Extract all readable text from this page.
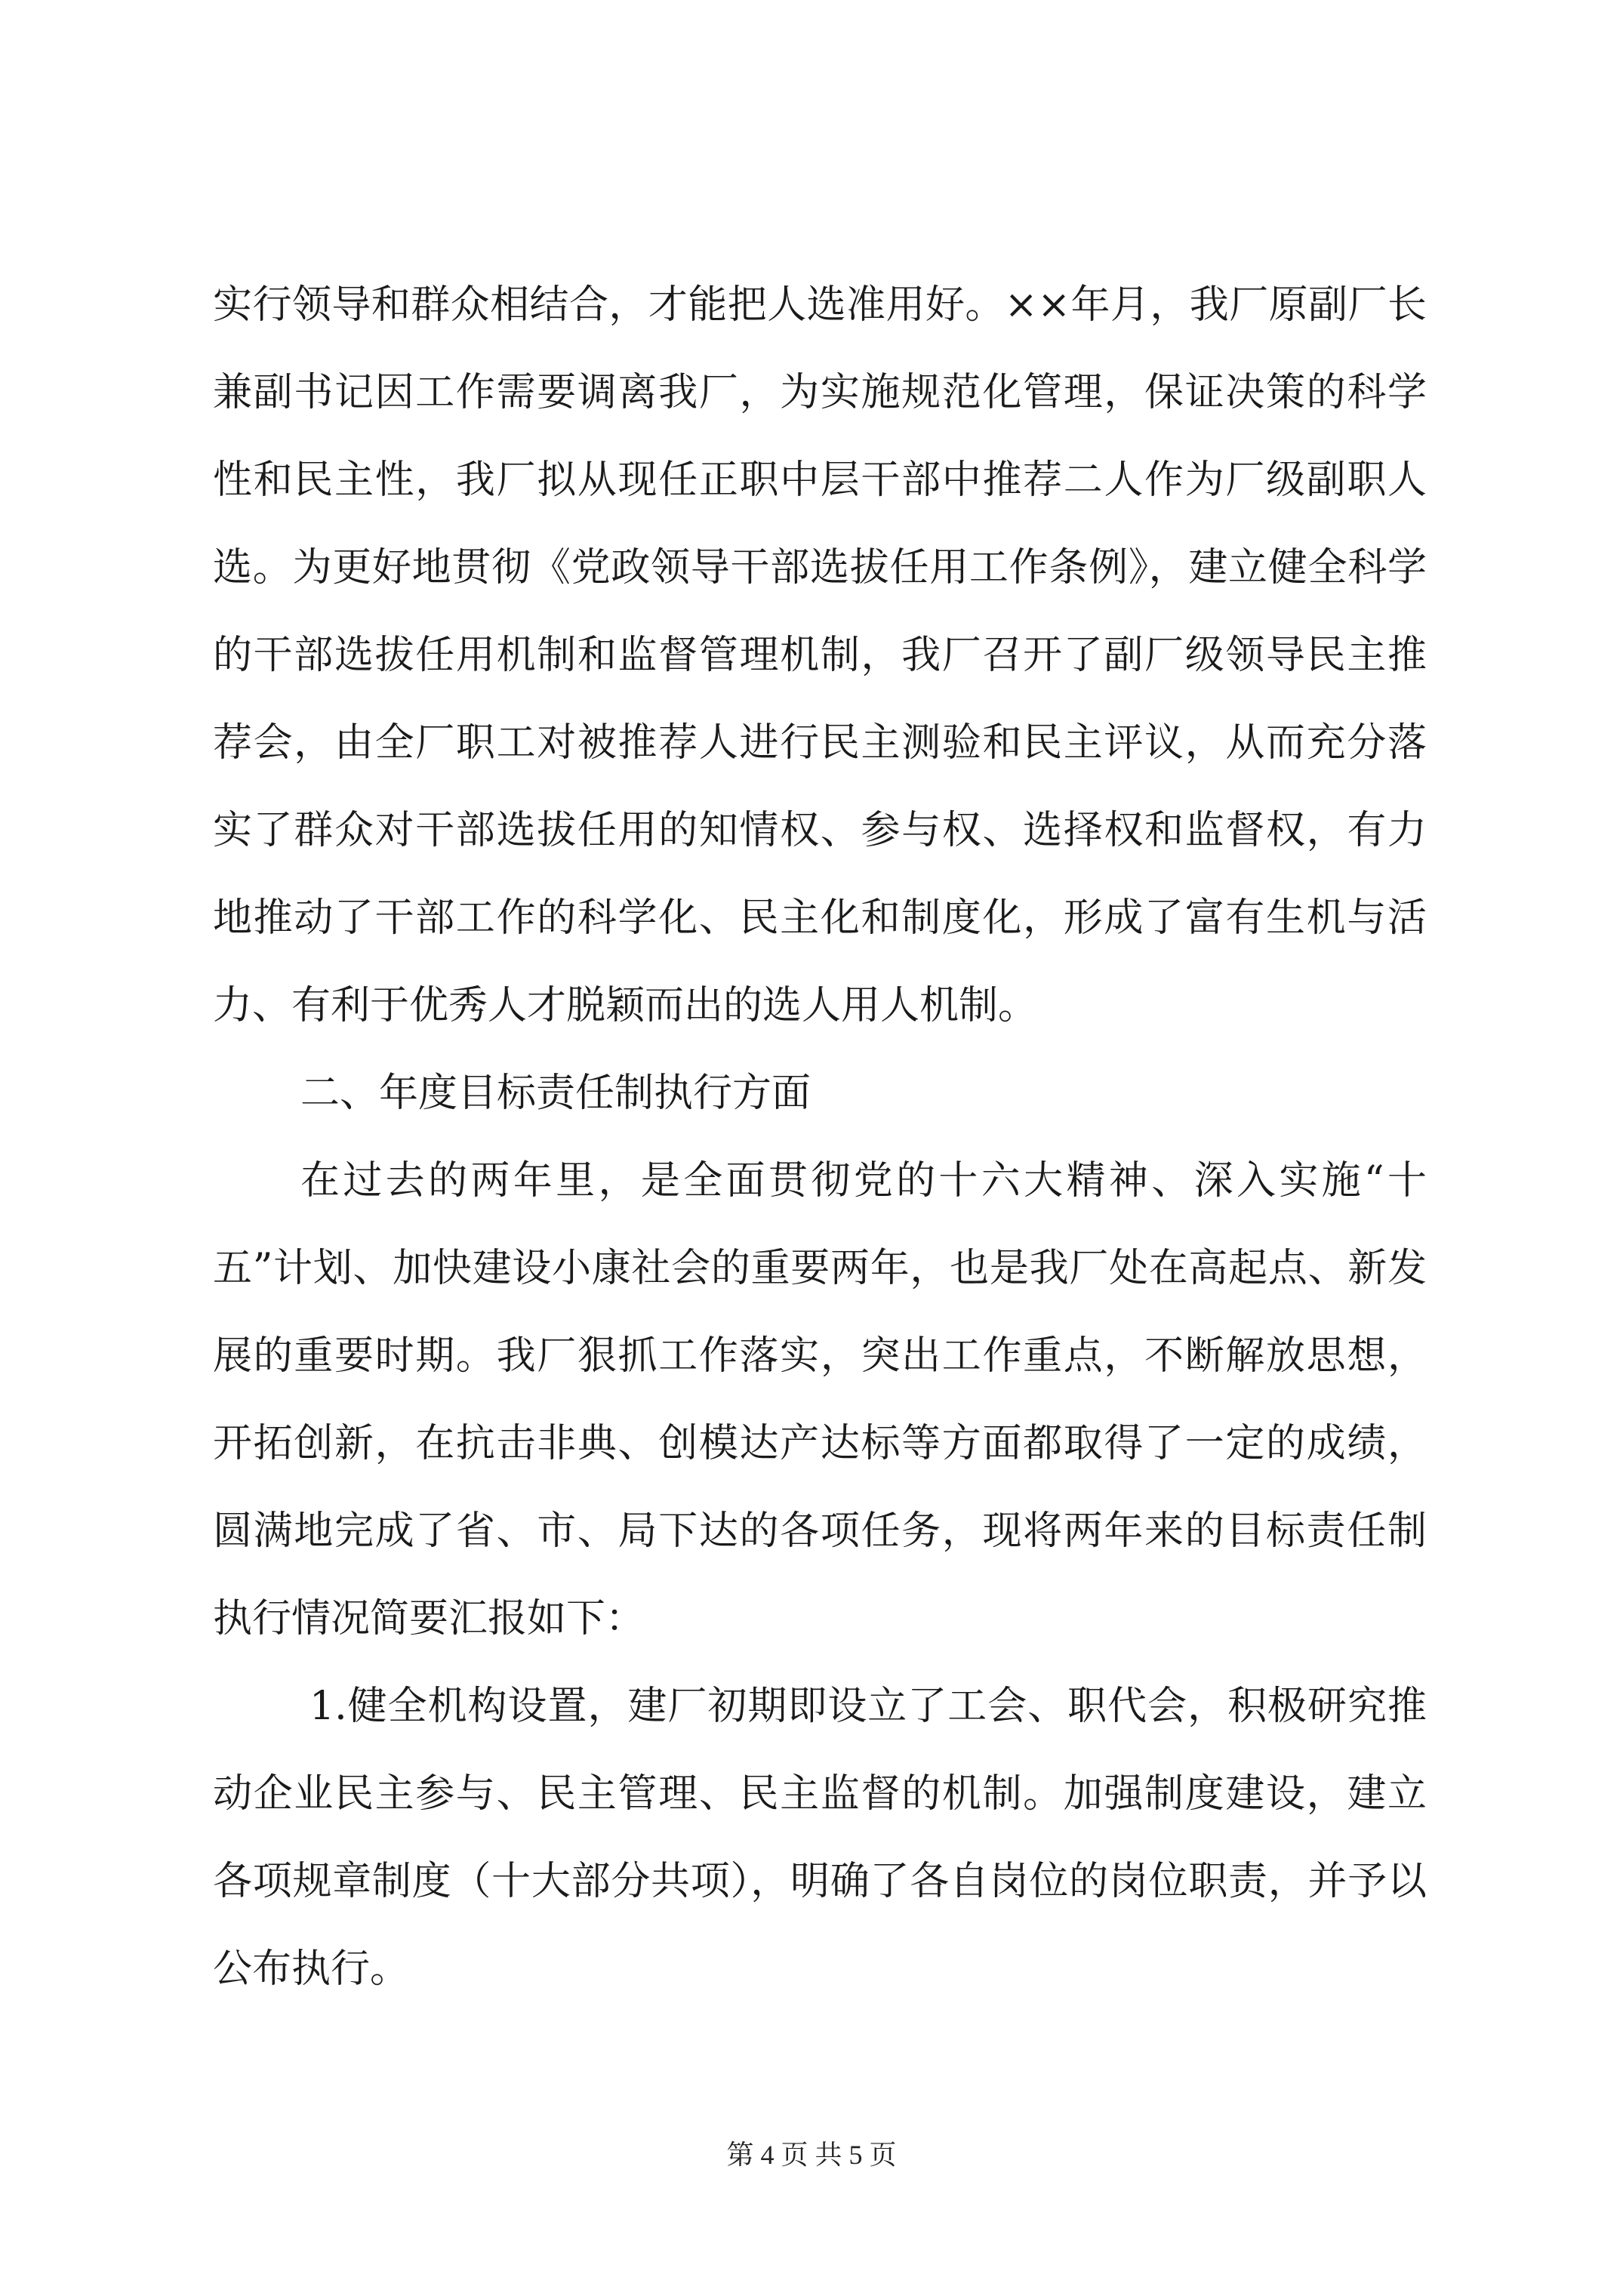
实行领导和群众相结合，才能把人选准用好。××年月，我厂原副厂长兼副书记因工作需要调离我厂，为实施规范化管理，保证决策的科学性和民主性，我厂拟从现任正职中层干部中推荐二人作为厂级副职人选。为更好地贯彻《党政领导干部选拔任用工作条例》，建立健全科学的干部选拔任用机制和监督管理机制，我厂召开了副厂级领导民主推荐会，由全厂职工对被推荐人进行民主测验和民主评议，从而充分落实了群众对干部选拔任用的知情权、参与权、选择权和监督权，有力地推动了干部工作的科学化、民主化和制度化，形成了富有生机与活力、有利于优秀人才脱颖而出的选人用人机制。

二、年度目标责任制执行方面

在过去的两年里，是全面贯彻党的十六大精神、深入实施“十五”计划、加快建设小康社会的重要两年，也是我厂处在高起点、新发展的重要时期。我厂狠抓工作落实，突出工作重点，不断解放思想，开拓创新，在抗击非典、创模达产达标等方面都取得了一定的成绩，圆满地完成了省、市、局下达的各项任务，现将两年来的目标责任制执行情况简要汇报如下：

1.健全机构设置，建厂初期即设立了工会、职代会，积极研究推动企业民主参与、民主管理、民主监督的机制。加强制度建设，建立各项规章制度（十大部分共项），明确了各自岗位的岗位职责，并予以公布执行。

第 4 页 共 5 页
